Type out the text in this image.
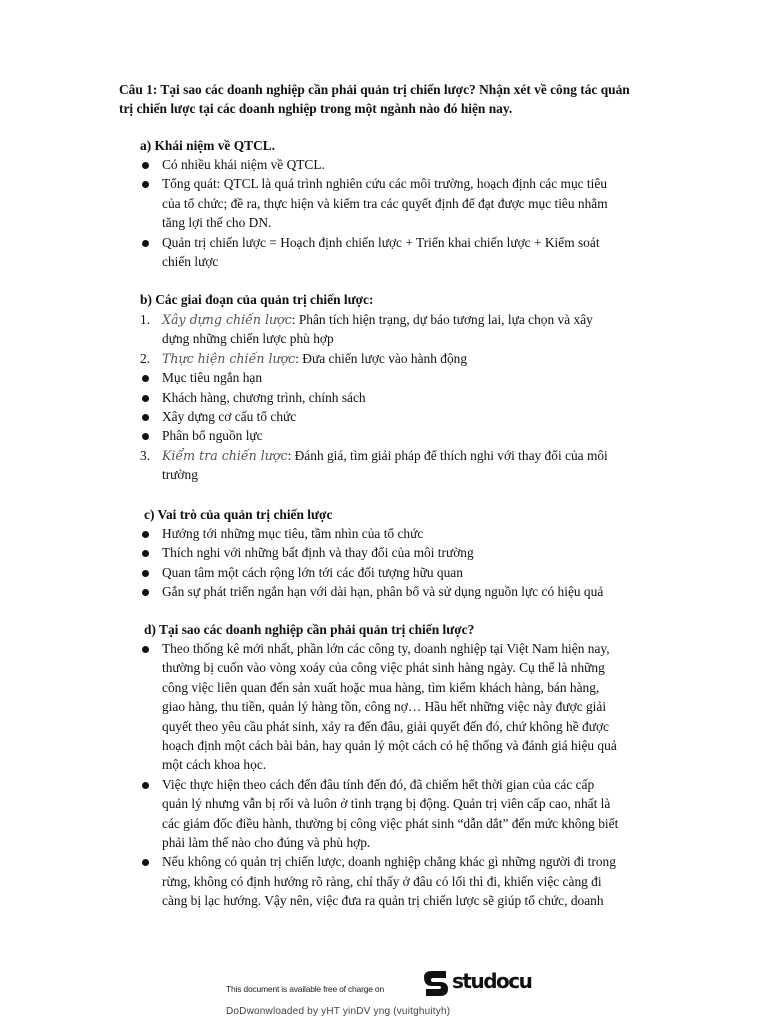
Câu 1: Tại sao các doanh nghiệp cần phải quản trị chiến lược? Nhận xét về công tác quản trị chiến lược tại các doanh nghiệp trong một ngành nào đó hiện nay.
a) Khái niệm về QTCL.
Có nhiều khái niệm về QTCL.
Tổng quát: QTCL là quá trình nghiên cứu các môi trường, hoạch định các mục tiêu của tổ chức; đề ra, thực hiện và kiểm tra các quyết định để đạt được mục tiêu nhằm tăng lợi thế cho DN.
Quản trị chiến lược = Hoạch định chiến lược + Triển khai chiến lược + Kiểm soát chiến lược
b) Các giai đoạn của quản trị chiến lược:
1. Xây dựng chiến lược: Phân tích hiện trạng, dự báo tương lai, lựa chọn và xây dựng những chiến lược phù hợp
2. Thực hiện chiến lược: Đưa chiến lược vào hành động
Mục tiêu ngắn hạn
Khách hàng, chương trình, chính sách
Xây dựng cơ cấu tổ chức
Phân bổ nguồn lực
3. Kiểm tra chiến lược: Đánh giá, tìm giải pháp để thích nghi với thay đổi của môi trường
c) Vai trò của quản trị chiến lược
Hướng tới những mục tiêu, tầm nhìn của tổ chức
Thích nghi với những bất định và thay đổi của môi trường
Quan tâm một cách rộng lớn tới các đối tượng hữu quan
Gắn sự phát triển ngắn hạn với dài hạn, phân bổ và sử dụng nguồn lực có hiệu quả
d) Tại sao các doanh nghiệp cần phải quản trị chiến lược?
Theo thống kê mới nhất, phần lớn các công ty, doanh nghiệp tại Việt Nam hiện nay, thường bị cuốn vào vòng xoáy của công việc phát sinh hàng ngày. Cụ thể là những công việc liên quan đến sản xuất hoặc mua hàng, tìm kiếm khách hàng, bán hàng, giao hàng, thu tiền, quản lý hàng tồn, công nợ… Hầu hết những việc này được giải quyết theo yêu cầu phát sinh, xảy ra đến đâu, giải quyết đến đó, chứ không hề được hoạch định một cách bài bản, hay quản lý một cách có hệ thống và đánh giá hiệu quả một cách khoa học.
Việc thực hiện theo cách đến đâu tính đến đó, đã chiếm hết thời gian của các cấp quản lý nhưng vẫn bị rối và luôn ở tình trạng bị động. Quản trị viên cấp cao, nhất là các giám đốc điều hành, thường bị công việc phát sinh “dẫn dắt” đến mức không biết phải làm thế nào cho đúng và phù hợp.
Nếu không có quản trị chiến lược, doanh nghiệp chẳng khác gì những người đi trong rừng, không có định hướng rõ ràng, chỉ thấy ở đâu có lối thì đi, khiến việc càng đi càng bị lạc hướng. Vậy nên, việc đưa ra quản trị chiến lược sẽ giúp tổ chức, doanh
This document is available free of charge on	studocu
DoDwonwloaded by yHT yinDV yng (vuitghuityh)
